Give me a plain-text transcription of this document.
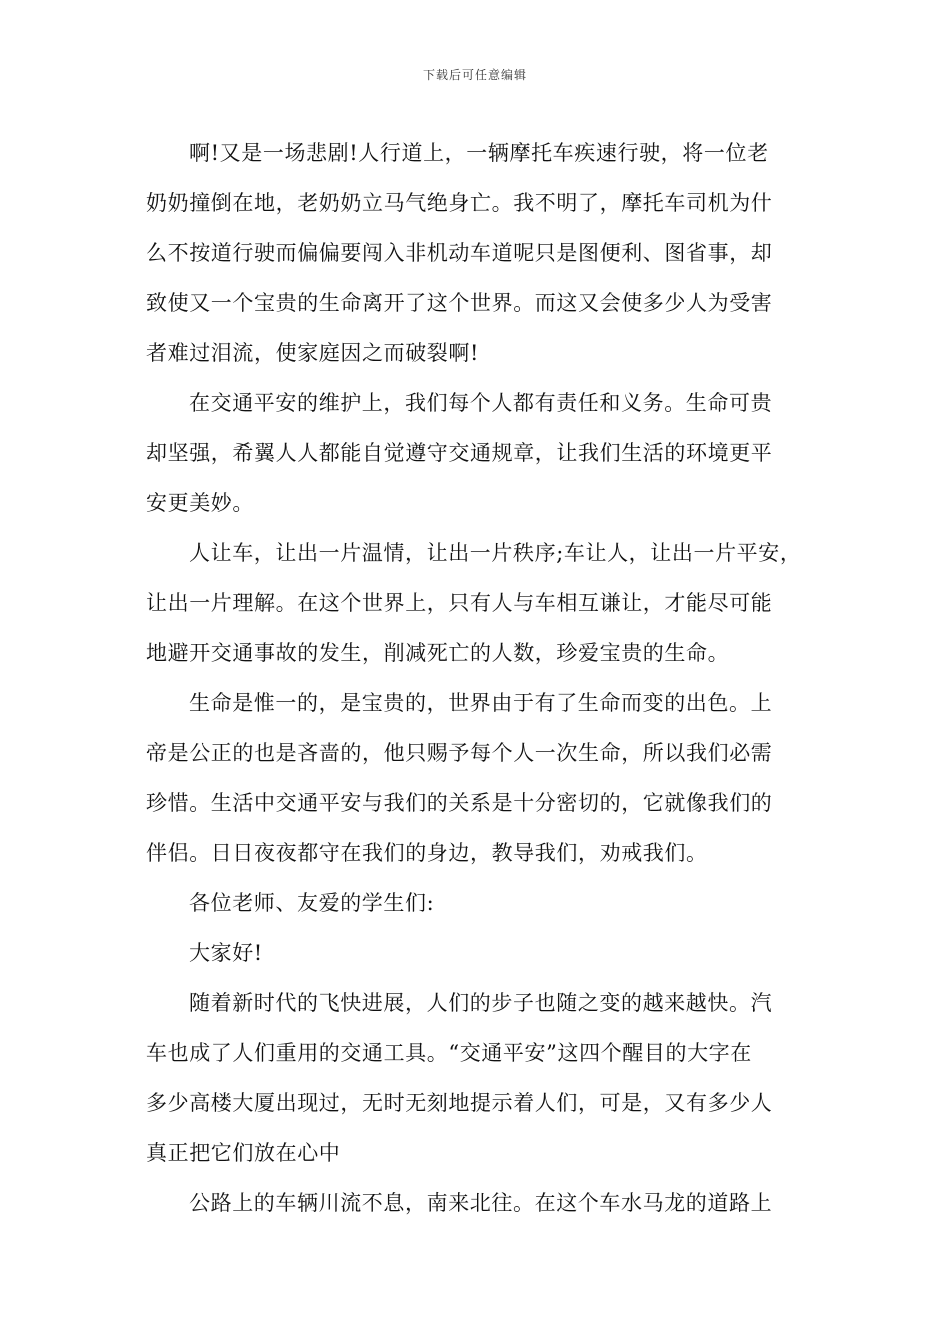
下载后可任意编辑
啊!又是一场悲剧!人行道上，一辆摩托车疾速行驶，将一位老
奶奶撞倒在地，老奶奶立马气绝身亡。我不明了，摩托车司机为什
么不按道行驶而偏偏要闯入非机动车道呢只是图便利、图省事，却
致使又一个宝贵的生命离开了这个世界。而这又会使多少人为受害
者难过泪流，使家庭因之而破裂啊!
在交通平安的维护上，我们每个人都有责任和义务。生命可贵
却坚强，希翼人人都能自觉遵守交通规章，让我们生活的环境更平
安更美妙。
人让车，让出一片温情，让出一片秩序;车让人，让出一片平安，
让出一片理解。在这个世界上，只有人与车相互谦让，才能尽可能
地避开交通事故的发生，削减死亡的人数，珍爱宝贵的生命。
生命是惟一的，是宝贵的，世界由于有了生命而变的出色。上
帝是公正的也是吝啬的，他只赐予每个人一次生命，所以我们必需
珍惜。生活中交通平安与我们的关系是十分密切的，它就像我们的
伴侣。日日夜夜都守在我们的身边，教导我们，劝戒我们。
各位老师、友爱的学生们:
大家好!
随着新时代的飞快进展，人们的步子也随之变的越来越快。汽
车也成了人们重用的交通工具。“交通平安”这四个醒目的大字在
多少高楼大厦出现过，无时无刻地提示着人们，可是，又有多少人
真正把它们放在心中
公路上的车辆川流不息，南来北往。在这个车水马龙的道路上
